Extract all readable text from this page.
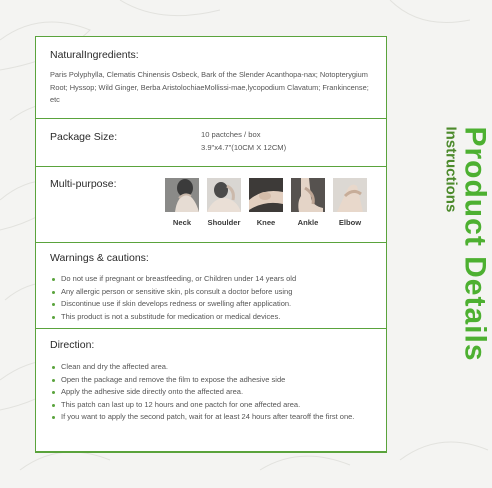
NaturalIngredients:
Paris Polyphylla, Clematis Chinensis Osbeck, Bark of the Slender Acanthopa-nax; Notopterygium Root; Hyssop; Wild Ginger, Berba AristolochiaeMollissi-mae,lycopodium Clavatum; Frankincense; etc
Package Size:	10 pactches / box
3.9"x4.7"(10CM X 12CM)
Multi-purpose:
Warnings & cautions:
Do not use if pregnant or breastfeeding, or Children under 14 years old
Any allergic person or sensitive skin, pls consult a doctor before using
Discontinue use if skin develops redness or swelling after application.
This product is not a substitude for medication or medical devices.
Direction:
Clean and dry the affected area.
Open the package and remove the film to expose the adhesive side
Apply the adhesive side directly onto the affected area.
This patch can last up to 12 hours and one pactch for one affected area.
If you want to apply the second patch, wait for at least 24 hours after tearoff the first one.
Neck	Shoulder	Knee	Ankle	Elbow	Product Details
Instructions
